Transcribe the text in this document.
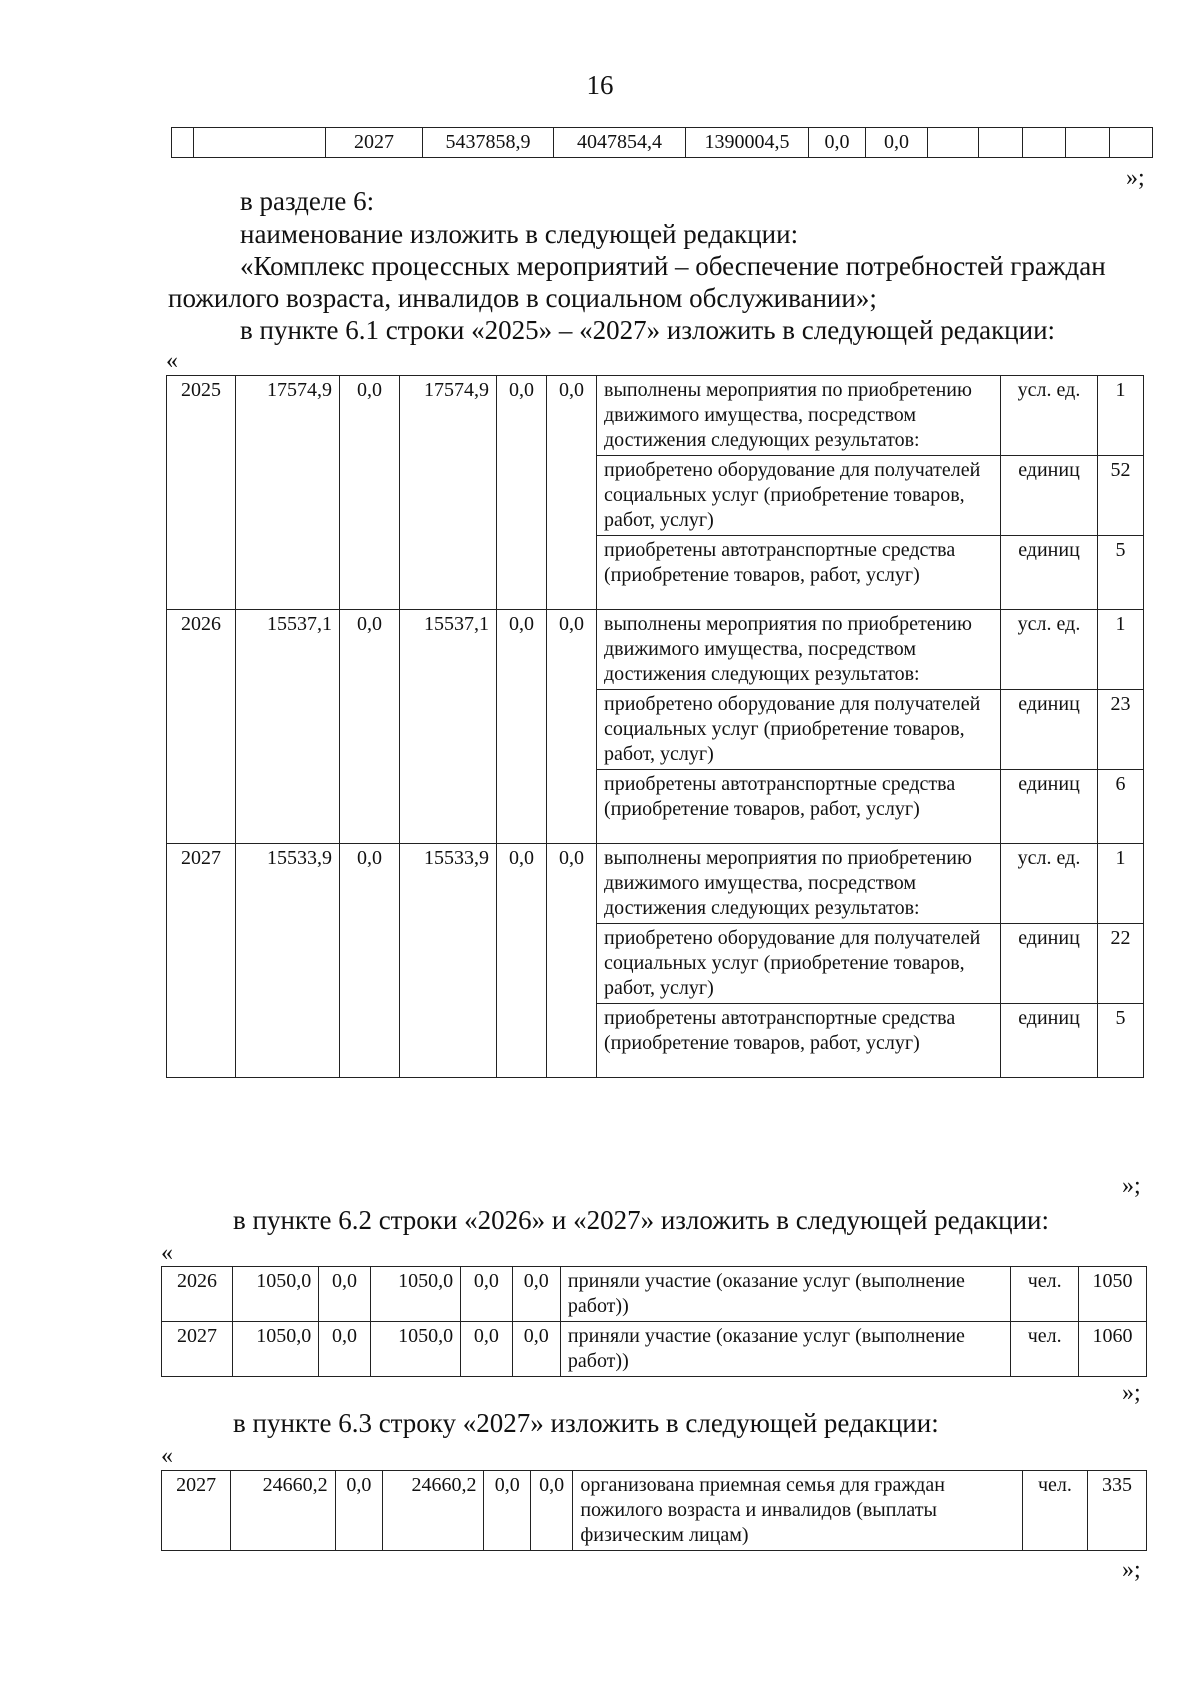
16
		2027	5437858,9	4047854,4	1390004,5	0,0	0,0						
»;
в разделе 6:
наименование изложить в следующей редакции:
«Комплекс процессных мероприятий – обеспечение потребностей граждан
пожилого возраста, инвалидов в социальном обслуживании»;
в пункте 6.1 строки «2025» – «2027» изложить в следующей редакции:
«
2025	17574,9	0,0	17574,9	0,0	0,0	выполнены мероприятия по приобретению движимого имущества, посредством достижения следующих результатов:	усл. ед.	1
						приобретено оборудование для получателей социальных услуг (приобретение товаров, работ, услуг)	единиц	52
						приобретены автотранспортные средства (приобретение товаров, работ, услуг)	единиц	5
2026	15537,1	0,0	15537,1	0,0	0,0	выполнены мероприятия по приобретению движимого имущества, посредством достижения следующих результатов:	усл. ед.	1
						приобретено оборудование для получателей социальных услуг (приобретение товаров, работ, услуг)	единиц	23
						приобретены автотранспортные средства (приобретение товаров, работ, услуг)	единиц	6
2027	15533,9	0,0	15533,9	0,0	0,0	выполнены мероприятия по приобретению движимого имущества, посредством достижения следующих результатов:	усл. ед.	1
						приобретено оборудование для получателей социальных услуг (приобретение товаров, работ, услуг)	единиц	22
						приобретены автотранспортные средства (приобретение товаров, работ, услуг)	единиц	5
»;
в пункте 6.2 строки «2026» и «2027» изложить в следующей редакции:
«
2026	1050,0	0,0	1050,0	0,0	0,0	приняли участие (оказание услуг (выполнение работ))	чел.	1050
2027	1050,0	0,0	1050,0	0,0	0,0	приняли участие (оказание услуг (выполнение работ))	чел.	1060
»;
в пункте 6.3 строку «2027» изложить в следующей редакции:
«
2027	24660,2	0,0	24660,2	0,0	0,0	организована приемная семья для граждан пожилого возраста и инвалидов (выплаты физическим лицам)	чел.	335
»;
